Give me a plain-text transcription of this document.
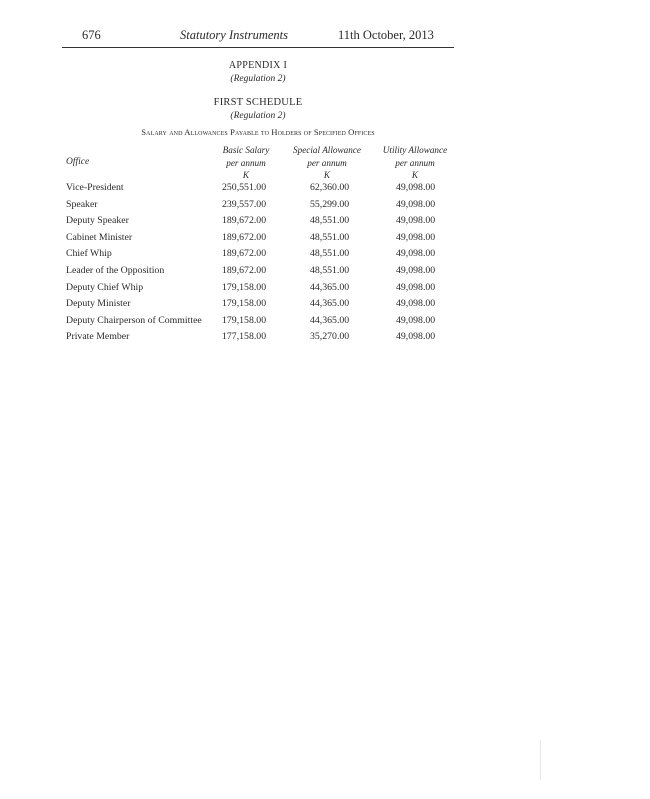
676	Statutory Instruments	11th October, 2013
APPENDIX I
(Regulation 2)
FIRST SCHEDULE
(Regulation 2)
Salary and Allowances Payable to Holders of Specified Offices
Office
Basic Salary
per annum
K
Special Allowance
per annum
K
Utility Allowance
per annum
K
Vice-President	250,551.00	62,360.00	49,098.00
Speaker	239,557.00	55,299.00	49,098.00
Deputy Speaker	189,672.00	48,551.00	49,098.00
Cabinet Minister	189,672.00	48,551.00	49,098.00
Chief Whip	189,672.00	48,551.00	49,098.00
Leader of the Opposition	189,672.00	48,551.00	49,098.00
Deputy Chief Whip	179,158.00	44,365.00	49,098.00
Deputy Minister	179,158.00	44,365.00	49,098.00
Deputy Chairperson of Committee 179,158.00	44,365.00	49,098.00
Private Member	177,158.00	35,270.00	49,098.00
